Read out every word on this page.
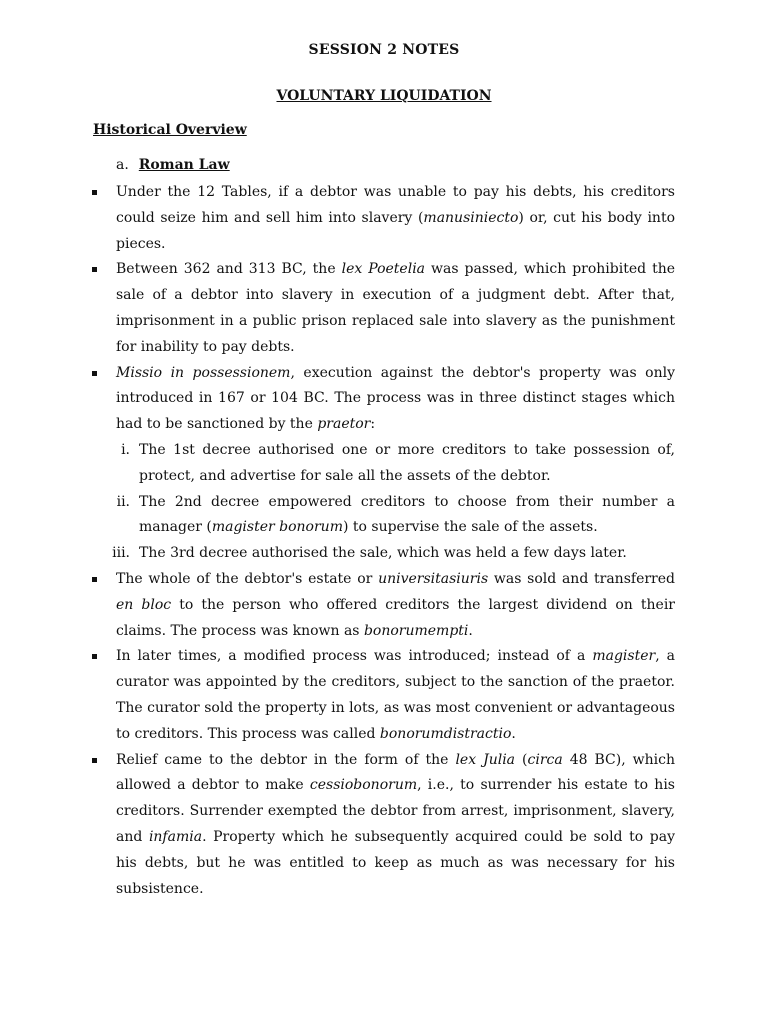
SESSION 2 NOTES
VOLUNTARY LIQUIDATION
Historical Overview
a. Roman Law

Under the 12 Tables, if a debtor was unable to pay his debts, his creditors could seize him and sell him into slavery (manusiniecto) or, cut his body into pieces.

Between 362 and 313 BC, the lex Poetelia was passed, which prohibited the sale of a debtor into slavery in execution of a judgment debt. After that, imprisonment in a public prison replaced sale into slavery as the punishment for inability to pay debts.

Missio in possessionem, execution against the debtor's property was only introduced in 167 or 104 BC. The process was in three distinct stages which had to be sanctioned by the praetor:

i. The 1st decree authorised one or more creditors to take possession of, protect, and advertise for sale all the assets of the debtor.

ii. The 2nd decree empowered creditors to choose from their number a manager (magister bonorum) to supervise the sale of the assets.

iii. The 3rd decree authorised the sale, which was held a few days later.

The whole of the debtor's estate or universitasiuris was sold and transferred en bloc to the person who offered creditors the largest dividend on their claims. The process was known as bonorumempti.

In later times, a modified process was introduced; instead of a magister, a curator was appointed by the creditors, subject to the sanction of the praetor. The curator sold the property in lots, as was most convenient or advantageous to creditors. This process was called bonorumdistractio.

Relief came to the debtor in the form of the lex Julia (circa 48 BC), which allowed a debtor to make cessiobonorum, i.e., to surrender his estate to his creditors. Surrender exempted the debtor from arrest, imprisonment, slavery, and infamia. Property which he subsequently acquired could be sold to pay his debts, but he was entitled to keep as much as was necessary for his subsistence.
